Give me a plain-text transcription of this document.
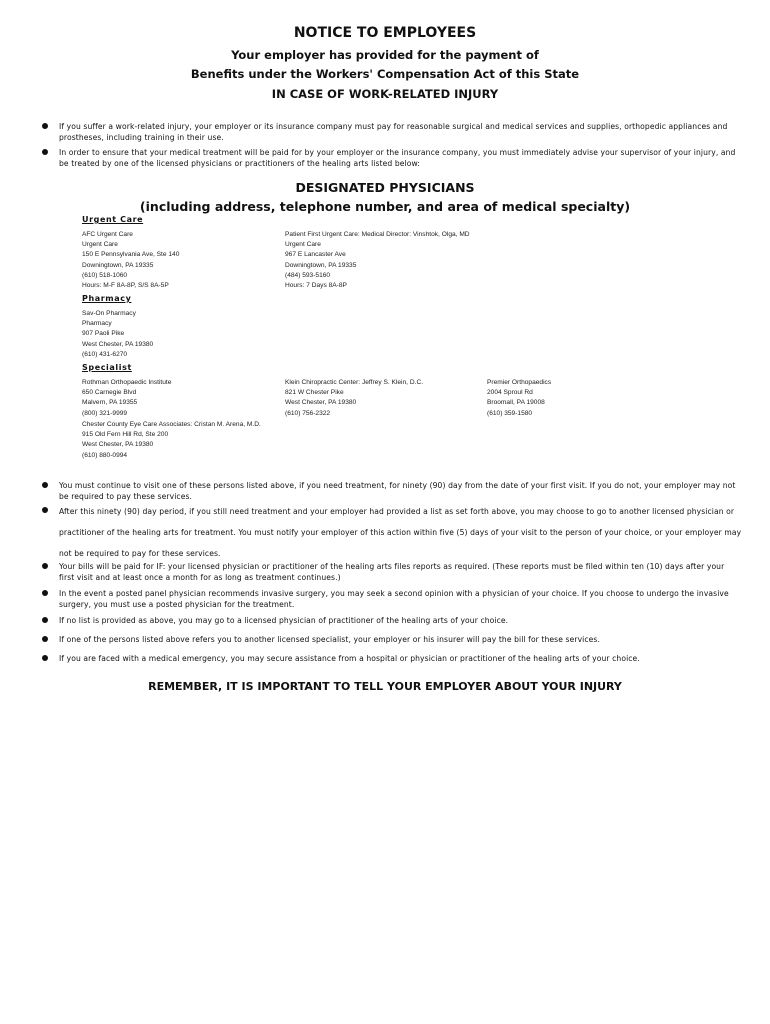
NOTICE TO EMPLOYEES
Your employer has provided for the payment of
Benefits under the Workers' Compensation Act of this State
IN CASE OF WORK-RELATED INJURY
If you suffer a work-related injury, your employer or its insurance company must pay for reasonable surgical and medical services and supplies, orthopedic appliances and prostheses, including training in their use.
In order to ensure that your medical treatment will be paid for by your employer or the insurance company, you must immediately advise your supervisor of your injury, and be treated by one of the licensed physicians or practitioners of the healing arts listed below:
DESIGNATED PHYSICIANS
(including address, telephone number, and area of medical specialty)
Urgent Care
AFC Urgent Care
Urgent Care
150 E Pennsylvania Ave, Ste 140
Downingtown, PA 19335
(610) 518-1060
Hours: M-F 8A-8P, S/S 8A-5P
Patient First Urgent Care: Medical Director: Vinshtok, Olga, MD
Urgent Care
967 E Lancaster Ave
Downingtown, PA 19335
(484) 593-5160
Hours: 7 Days 8A-8P
Pharmacy
Sav-On Pharmacy
Pharmacy
907 Paoli Pike
West Chester, PA 19380
(610) 431-6270
Specialist
Rothman Orthopaedic Institute
650 Carnegie Blvd
Malvern, PA 19355
(800) 321-9999
Klein Chiropractic Center: Jeffrey S. Klein, D.C.
821 W Chester Pike
West Chester, PA 19380
(610) 756-2322
Premier Orthopaedics
2004 Sproul Rd
Broomall, PA 19008
(610) 359-1580
Chester County Eye Care Associates: Cristan M. Arena, M.D.
915 Old Fern Hill Rd, Ste 200
West Chester, PA 19380
(610) 880-0994
You must continue to visit one of these persons listed above, if you need treatment, for ninety (90) day from the date of your first visit. If you do not, your employer may not be required to pay these services.
After this ninety (90) day period, if you still need treatment and your employer had provided a list as set forth above, you may choose to go to another licensed physician or practitioner of the healing arts for treatment. You must notify your employer of this action within five (5) days of your visit to the person of your choice, or your employer may not be required to pay for these services.
Your bills will be paid for IF: your licensed physician or practitioner of the healing arts files reports as required. (These reports must be filed within ten (10) days after your first visit and at least once a month for as long as treatment continues.)
In the event a posted panel physician recommends invasive surgery, you may seek a second opinion with a physician of your choice. If you choose to undergo the invasive surgery, you must use a posted physician for the treatment.
If no list is provided as above, you may go to a licensed physician of practitioner of the healing arts of your choice.
If one of the persons listed above refers you to another licensed specialist, your employer or his insurer will pay the bill for these services.
If you are faced with a medical emergency, you may secure assistance from a hospital or physician or practitioner of the healing arts of your choice.
REMEMBER, IT IS IMPORTANT TO TELL YOUR EMPLOYER ABOUT YOUR INJURY
